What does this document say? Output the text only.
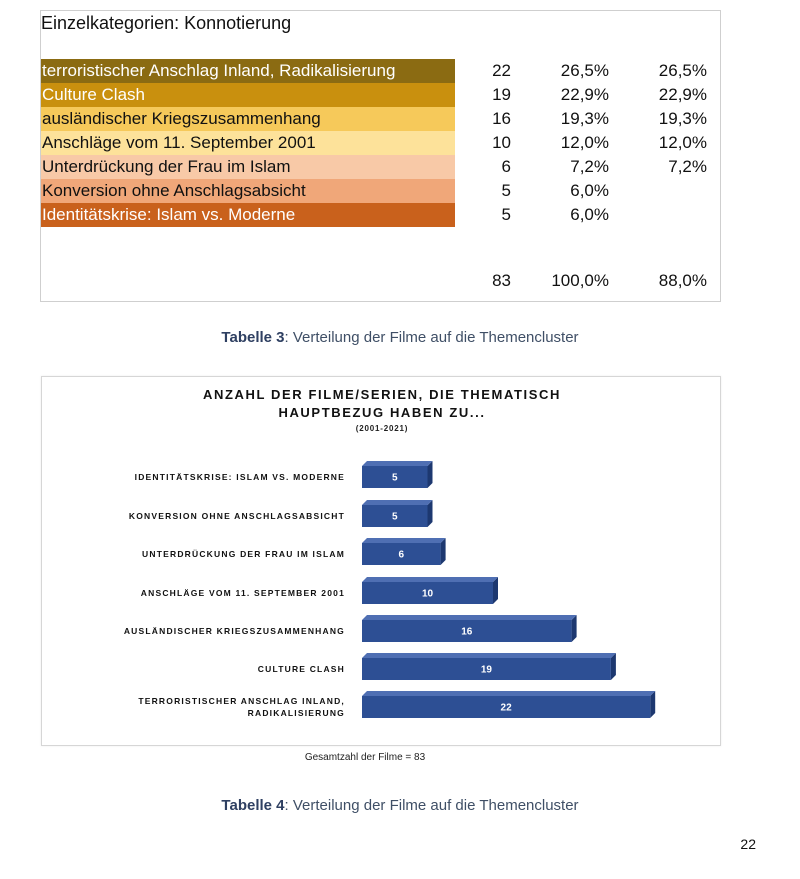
Einzelkategorien: Konnotierung
terroristischer Anschlag Inland, Radikalisierung	22	26,5%	26,5%
Culture Clash	19	22,9%	22,9%
ausländischer Kriegszusammenhang	16	19,3%	19,3%
Anschläge vom 11. September 2001	10	12,0%	12,0%
Unterdrückung der Frau im Islam	6	7,2%	7,2%
Konversion ohne Anschlagsabsicht	5	6,0%
Identitätskrise: Islam vs. Moderne	5	6,0%
83	100,0%	88,0%
Tabelle 3: Verteilung der Filme auf die Themencluster
ANZAHL DER FILME/SERIEN, DIE THEMATISCH
HAUPTBEZUG HABEN ZU...
(2001-2021)
5
IDENTITÄTSKRISE: ISLAM VS. MODERNE
5
KONVERSION OHNE ANSCHLAGSABSICHT
6
UNTERDRÜCKUNG DER FRAU IM ISLAM
10
ANSCHLÄGE VOM 11. SEPTEMBER 2001
16
AUSLÄNDISCHER KRIEGSZUSAMMENHANG
19
CULTURE CLASH
22
TERRORISTISCHER ANSCHLAG INLAND, RADIKALISIERUNG
Gesamtzahl der Filme = 83
Tabelle 4: Verteilung der Filme auf die Themencluster
22
